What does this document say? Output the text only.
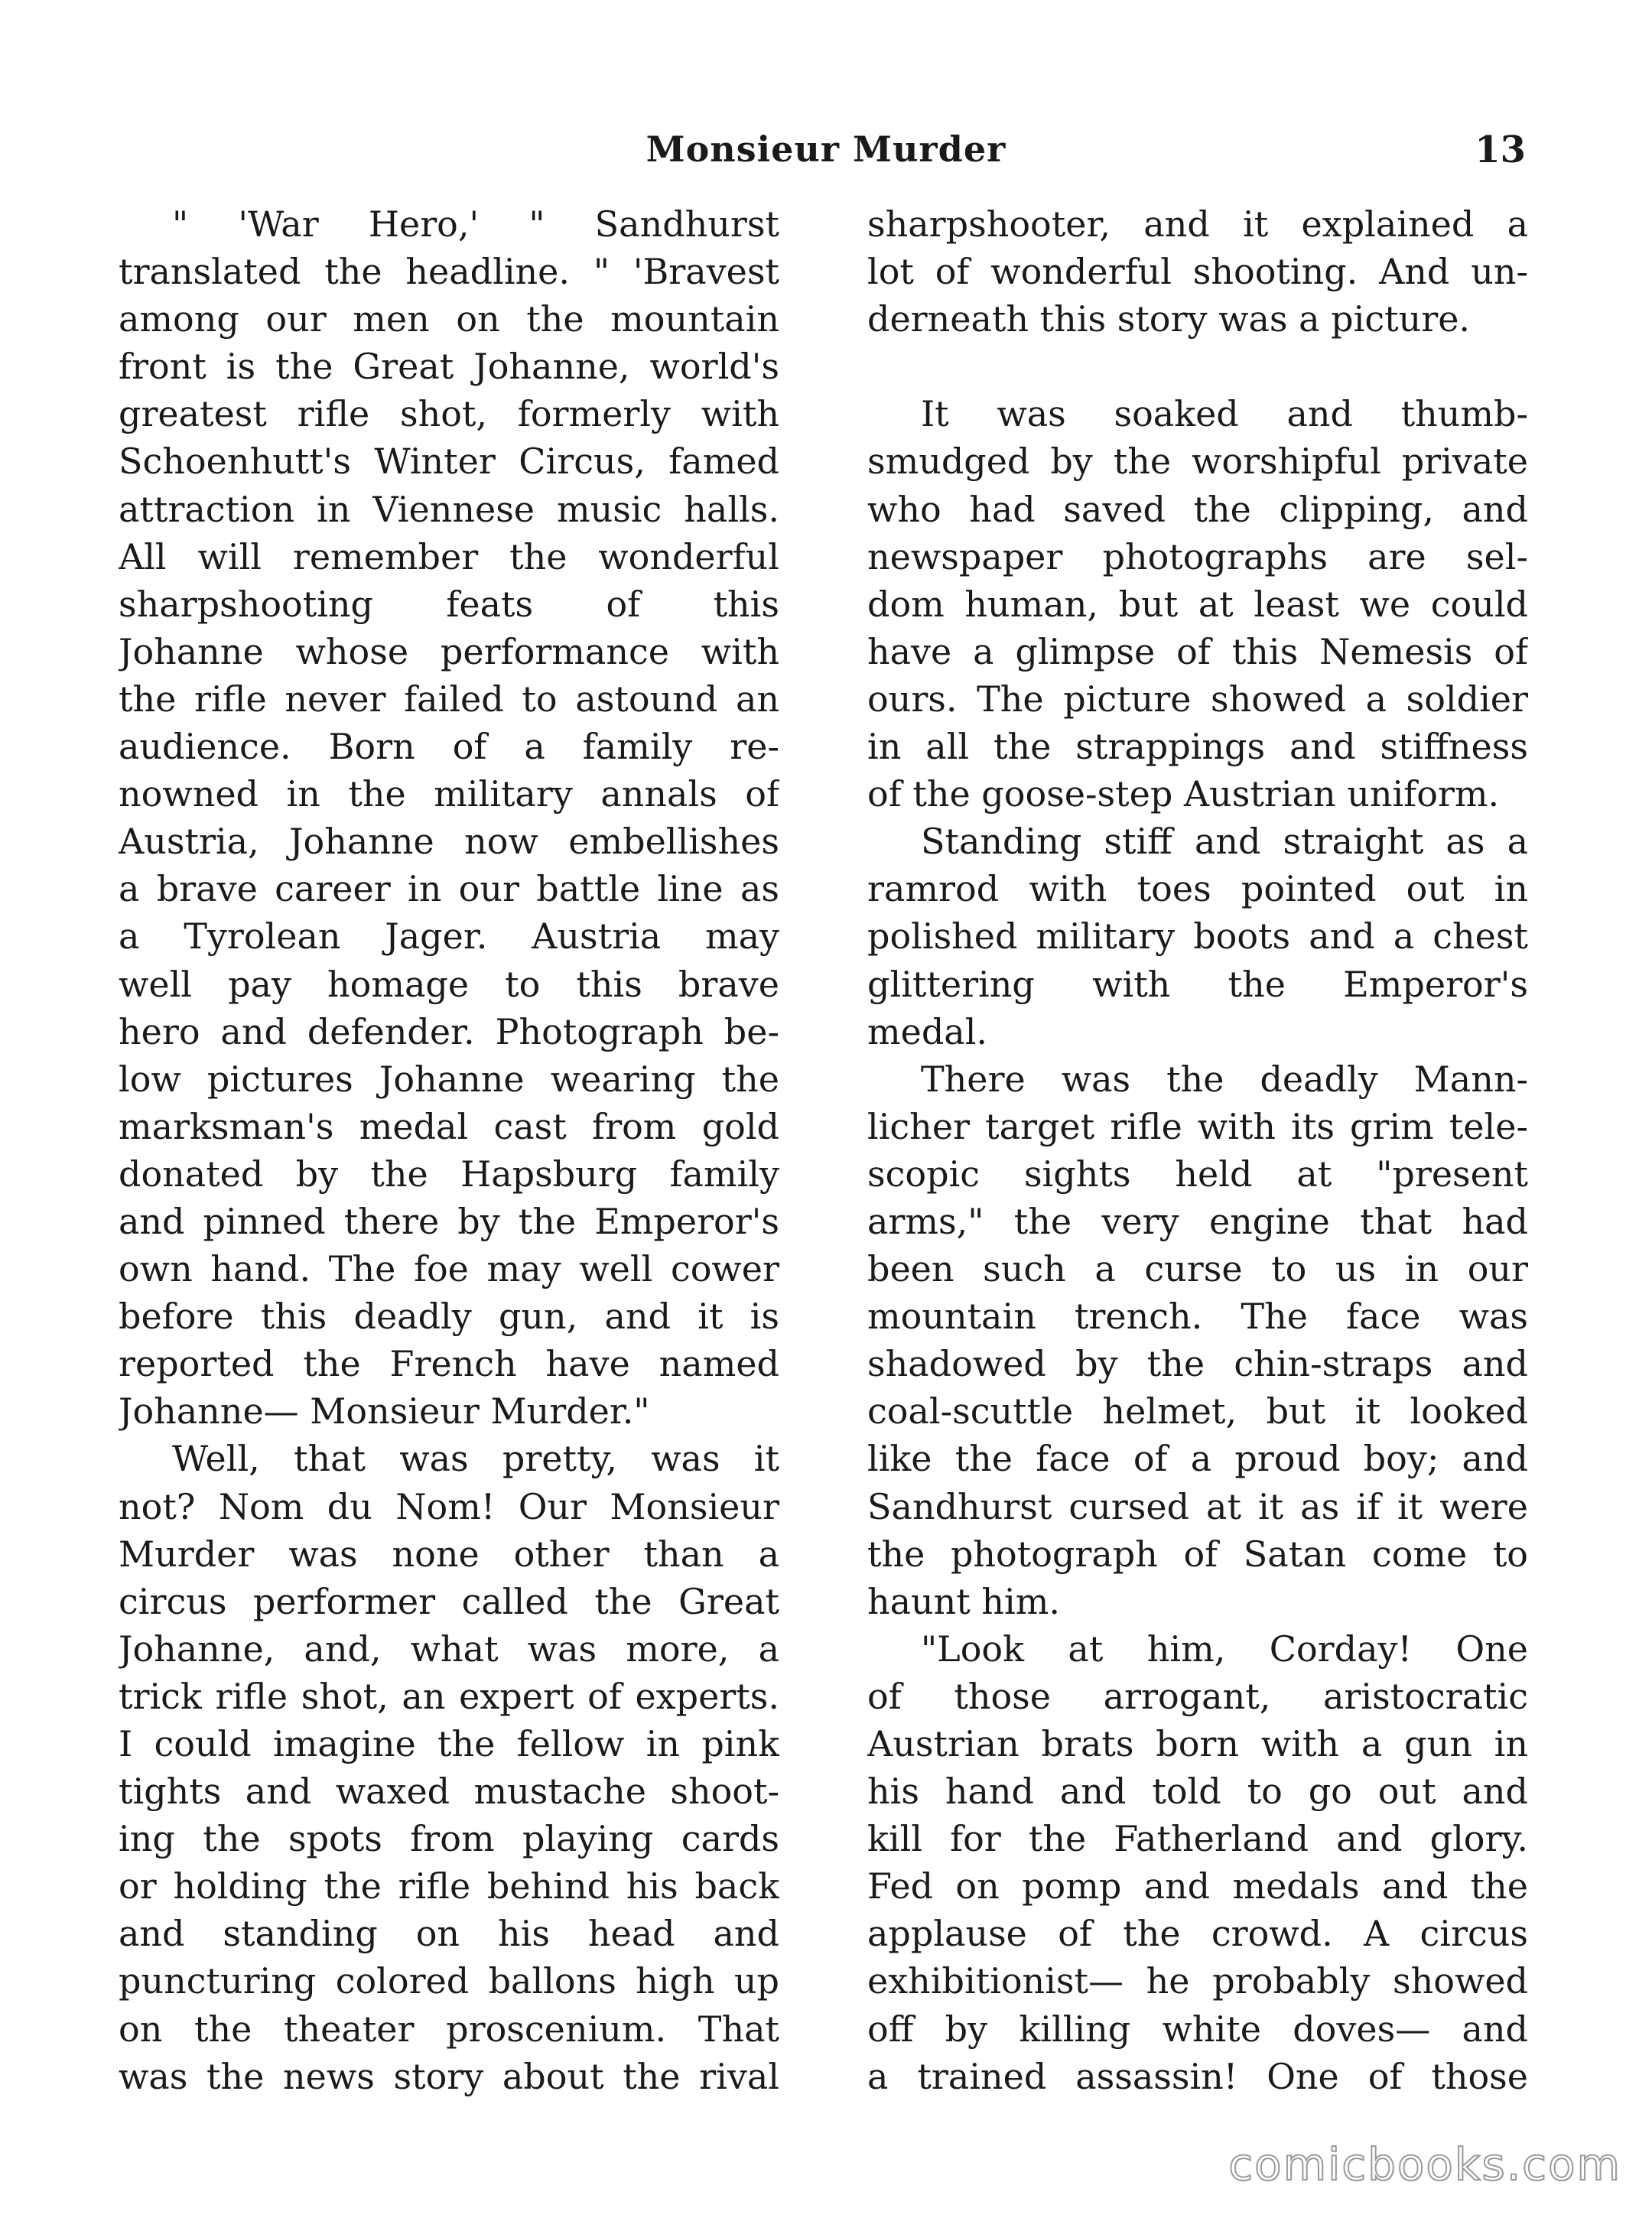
Monsieur Murder	13
" 'War Hero,' " Sandhurst
translated the headline. " 'Bravest
among our men on the mountain
front is the Great Johanne, world's
greatest rifle shot, formerly with
Schoenhutt's Winter Circus, famed
attraction in Viennese music halls.
All will remember the wonderful
sharpshooting feats of this
Johanne whose performance with
the rifle never failed to astound an
audience. Born of a family re-
nowned in the military annals of
Austria, Johanne now embellishes
a brave career in our battle line as
a Tyrolean Jager. Austria may
well pay homage to this brave
hero and defender. Photograph be-
low pictures Johanne wearing the
marksman's medal cast from gold
donated by the Hapsburg family
and pinned there by the Emperor's
own hand. The foe may well cower
before this deadly gun, and it is
reported the French have named
Johanne— Monsieur Murder."
Well, that was pretty, was it
not? Nom du Nom! Our Monsieur
Murder was none other than a
circus performer called the Great
Johanne, and, what was more, a
trick rifle shot, an expert of experts.
I could imagine the fellow in pink
tights and waxed mustache shoot-
ing the spots from playing cards
or holding the rifle behind his back
and standing on his head and
puncturing colored ballons high up
on the theater proscenium. That
was the news story about the rival
sharpshooter, and it explained a
lot of wonderful shooting. And un-
derneath this story was a picture.
It was soaked and thumb-
smudged by the worshipful private
who had saved the clipping, and
newspaper photographs are sel-
dom human, but at least we could
have a glimpse of this Nemesis of
ours. The picture showed a soldier
in all the strappings and stiffness
of the goose-step Austrian uniform.
Standing stiff and straight as a
ramrod with toes pointed out in
polished military boots and a chest
glittering with the Emperor's
medal.
There was the deadly Mann-
licher target rifle with its grim tele-
scopic sights held at "present
arms," the very engine that had
been such a curse to us in our
mountain trench. The face was
shadowed by the chin-straps and
coal-scuttle helmet, but it looked
like the face of a proud boy; and
Sandhurst cursed at it as if it were
the photograph of Satan come to
haunt him.
"Look at him, Corday! One
of those arrogant, aristocratic
Austrian brats born with a gun in
his hand and told to go out and
kill for the Fatherland and glory.
Fed on pomp and medals and the
applause of the crowd. A circus
exhibitionist— he probably showed
off by killing white doves— and
a trained assassin! One of those
comicbooks.com
